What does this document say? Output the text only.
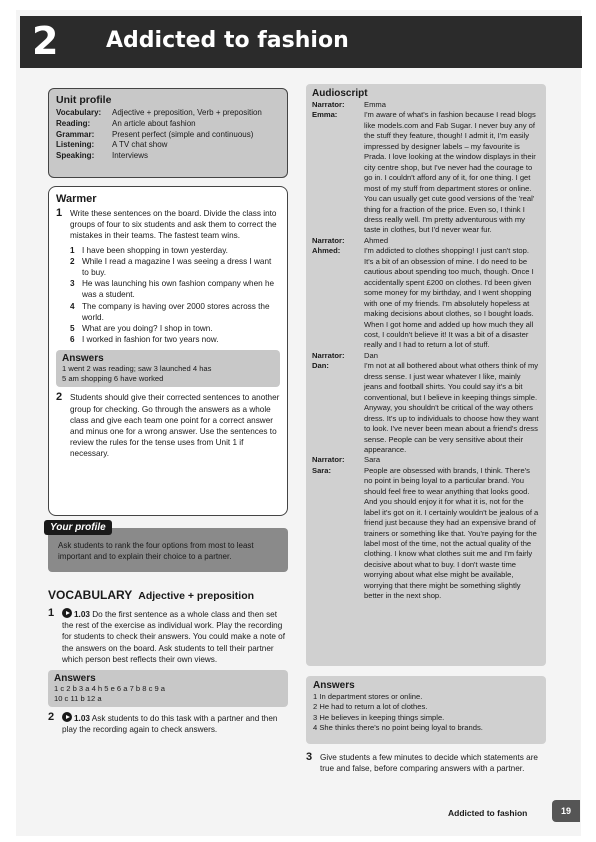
2 Addicted to fashion
Unit profile
Vocabulary:	Adjective + preposition, Verb + preposition
Reading:	An article about fashion
Grammar:	Present perfect (simple and continuous)
Listening:	A TV chat show
Speaking:	Interviews
Warmer
1 Write these sentences on the board. Divide the class into groups of four to six students and ask them to correct the mistakes in their teams. The fastest team wins.
1 I have been shopping in town yesterday.
2 While I read a magazine I was seeing a dress I want to buy.
3 He was launching his own fashion company when he was a student.
4 The company is having over 2000 stores across the world.
5 What are you doing? I shop in town.
6 I worked in fashion for two years now.
Answers

1 went 2 was reading; saw 3 launched 4 has

5 am shopping 6 have worked

2 Students should give their corrected sentences to another group for checking. Go through the answers as a whole class and give each team one point for a correct answer and minus one for a wrong answer. Use the sentences to review the rules for the tense uses from Unit 1 if necessary.
Your profile
Ask students to rank the four options from most to least important and to explain their choice to a partner.
VOCABULARY Adjective + preposition
1	1.03 Do the first sentence as a whole class and then set the rest of the exercise as individual work. Play the recording for students to check their answers. You could make a note of the answers on the board. Ask students to tell their partner which person best reflects their own views.
Answers

1 c 2 b 3 a 4 h 5 e 6 a 7 b 8 c 9 a

10 c 11 b 12 a

2	1.03 Ask students to do this task with a partner and then play the recording again to check answers.
Audioscript
Narrator:	Emma
Emma:	I'm aware of what's in fashion because I read blogs like models.com and Fab Sugar. I never buy any of the stuff they feature, though! I admit it, I'm easily impressed by designer labels – my favourite is Prada. I love looking at the window displays in their city centre shop, but I've never had the courage to go in. I couldn't afford any of it, for one thing. I get most of my stuff from department stores or online. You can usually get cute good versions of the 'real' thing for a fraction of the price. Even so, I think I dress really well. I'm pretty adventurous with my taste in clothes, but I'd never wear fur.
Narrator:	Ahmed
Ahmed:	I'm addicted to clothes shopping! I just can't stop. It's a bit of an obsession of mine. I do need to be cautious about spending too much, though. Once I accidentally spent £200 on clothes. I'd been given some money for my birthday, and I went shopping with one of my friends. I'm absolutely hopeless at making decisions about clothes, so I bought loads. When I got home and added up how much they all cost, I couldn't believe it! It was a bit of a disaster really and I had to return a lot of stuff.
Narrator:	Dan
Dan:	I'm not at all bothered about what others think of my dress sense. I just wear whatever I like, mainly jeans and football shirts. You could say it's a bit conventional, but I believe in keeping things simple. Anyway, you shouldn't be critical of the way others dress. It's up to individuals to choose how they want to look. I've never been mean about a friend's dress sense. People can be very sensitive about their appearance.
Narrator:	Sara
Sara:	People are obsessed with brands, I think. There's no point in being loyal to a particular brand. You should feel free to wear anything that looks good. And you should enjoy it for what it is, not for the label it's got on it. I certainly wouldn't be jealous of a friend just because they had an expensive brand of trainers or something like that. You're paying for the label most of the time, not the actual quality of the clothing. I know what clothes suit me and I'm fairly decisive about what to buy. I don't waste time worrying about what else might be available, worrying that there might be something slightly better in the next shop.
Answers

1 In department stores or online.

2 He had to return a lot of clothes.

3 He believes in keeping things simple.

4 She thinks there's no point being loyal to brands.

3 Give students a few minutes to decide which statements are true and false, before comparing answers with a partner.
Addicted to fashion	19
